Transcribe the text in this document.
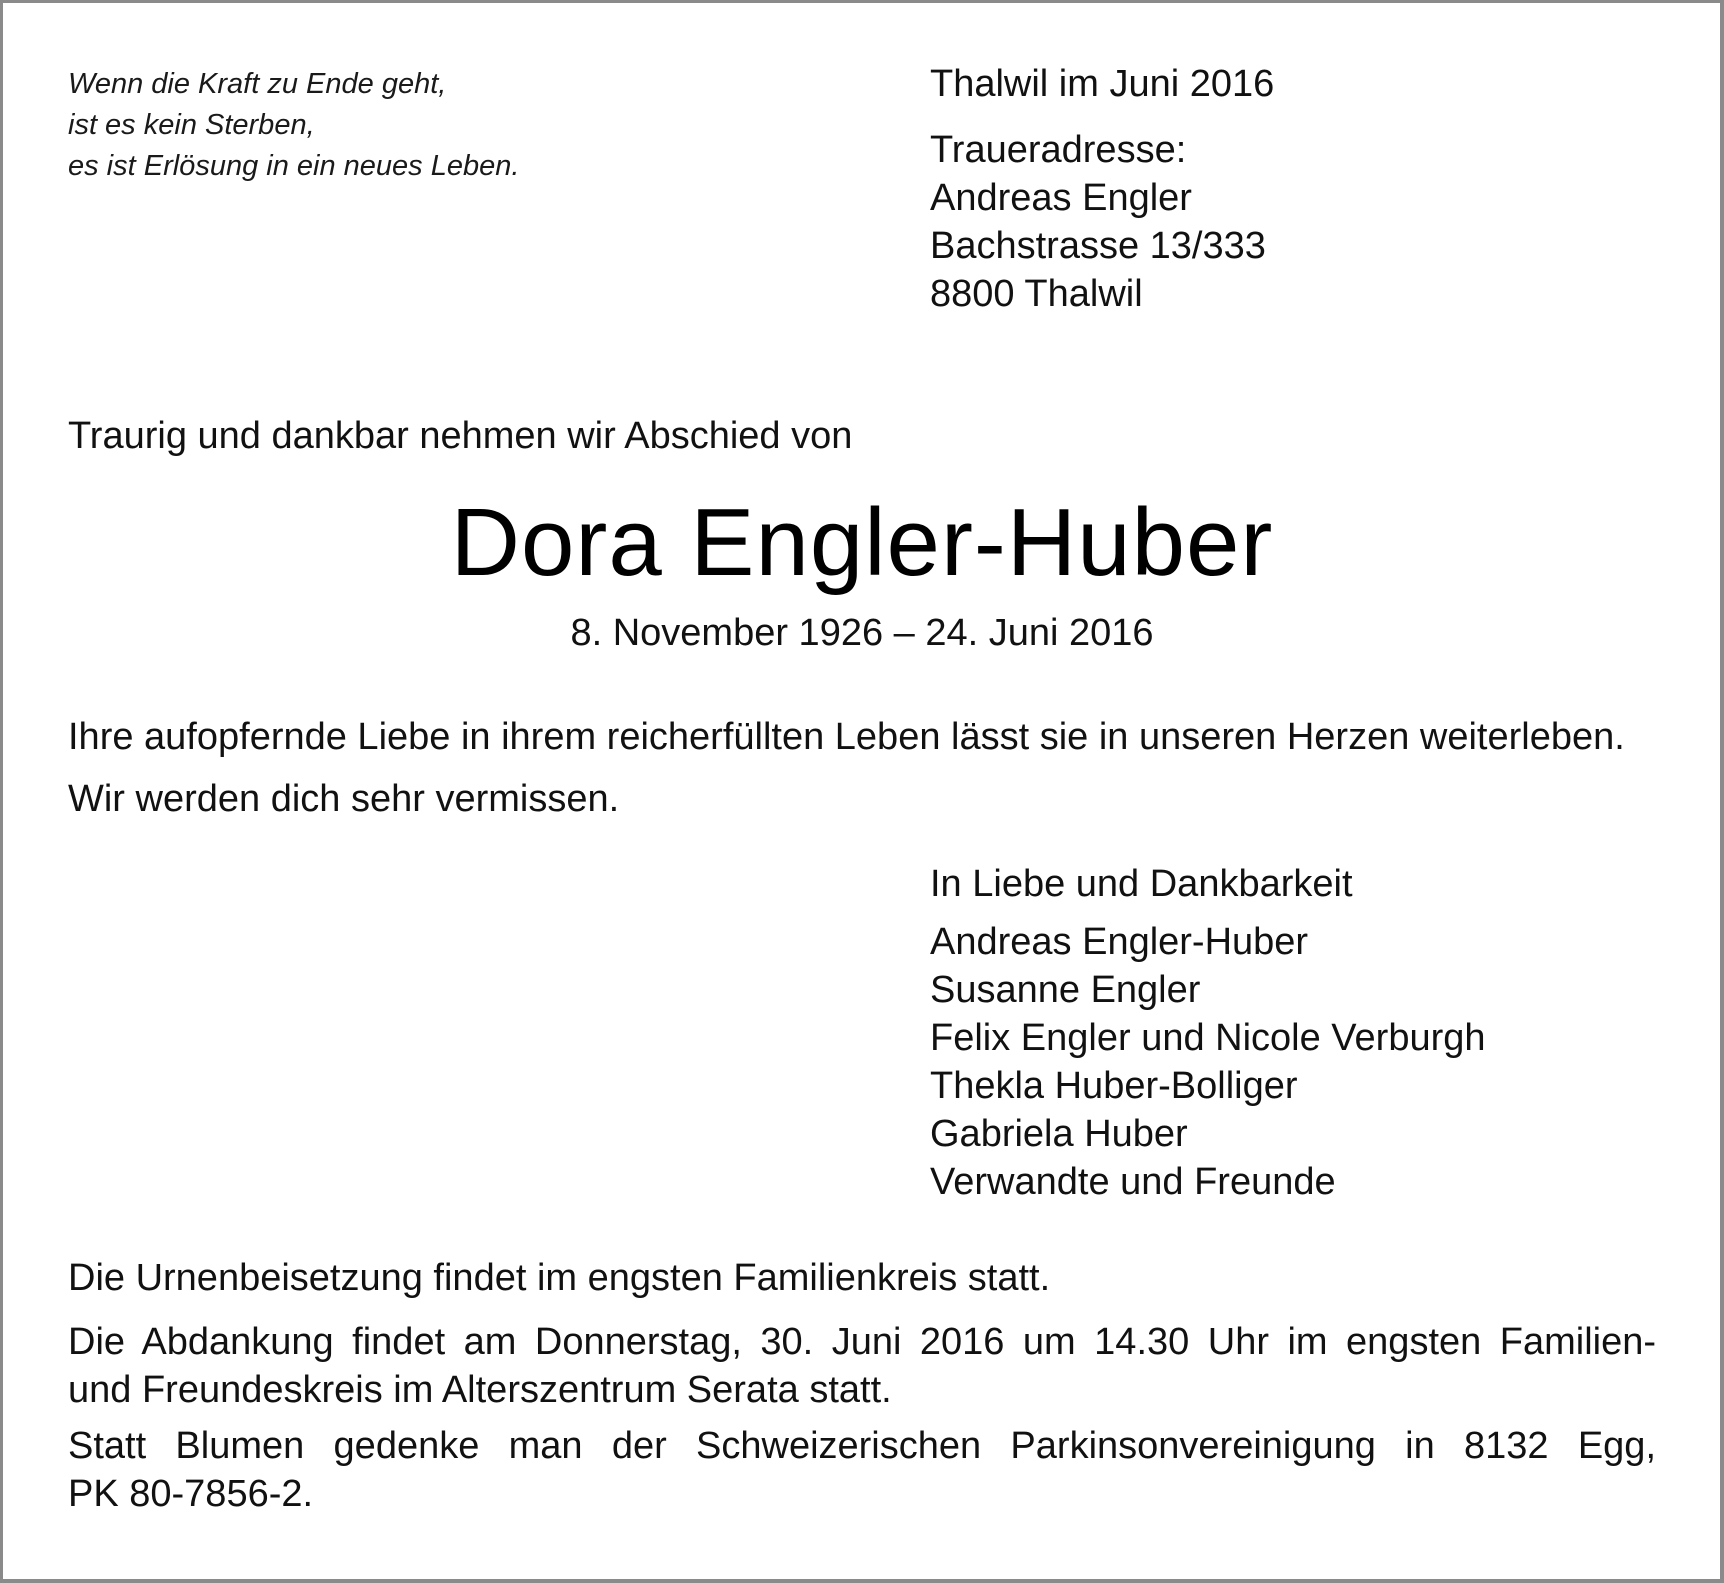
Wenn die Kraft zu Ende geht,
ist es kein Sterben,
es ist Erlösung in ein neues Leben.
Thalwil im Juni 2016
Traueradresse:
Andreas Engler
Bachstrasse 13/333
8800 Thalwil
Traurig und dankbar nehmen wir Abschied von
Dora Engler-Huber
8. November 1926 – 24. Juni 2016
Ihre aufopfernde Liebe in ihrem reicherfüllten Leben lässt sie in unseren Herzen weiterleben.
Wir werden dich sehr vermissen.
In Liebe und Dankbarkeit
Andreas Engler-Huber
Susanne Engler
Felix Engler und Nicole Verburgh
Thekla Huber-Bolliger
Gabriela Huber
Verwandte und Freunde
Die Urnenbeisetzung findet im engsten Familienkreis statt.
Die Abdankung findet am Donnerstag, 30. Juni 2016 um 14.30 Uhr im engsten Familien-
und Freundeskreis im Alterszentrum Serata statt.
Statt Blumen gedenke man der Schweizerischen Parkinsonvereinigung in 8132 Egg,
PK 80-7856-2.
